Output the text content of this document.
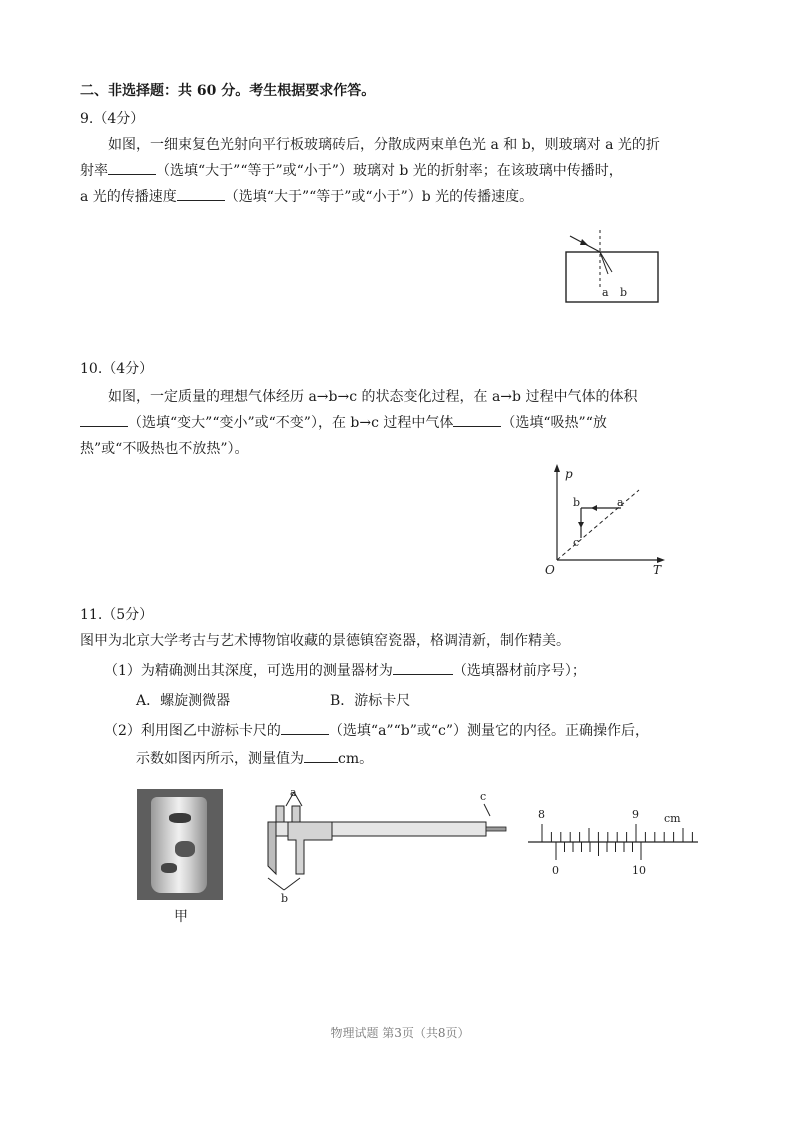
二、非选择题：共 60 分。考生根据要求作答。
9.（4分）
如图，一细束复色光射向平行板玻璃砖后，分散成两束单色光 a 和 b，则玻璃对 a 光的折
射率	（选填“大于”“等于”或“小于”）玻璃对 b 光的折射率；在该玻璃中传播时，
a 光的传播速度	（选填“大于”“等于”或“小于”）b 光的传播速度。
a b
10.（4分）
如图，一定质量的理想气体经历 a→b→c 的状态变化过程，在 a→b 过程中气体的体积
（选填“变大”“变小”或“不变”），在 b→c 过程中气体	（选填“吸热”“放
热”或“不吸热也不放热”）。
p
T
O
a
b
c
11.（5分）
图甲为北京大学考古与艺术博物馆收藏的景德镇窑瓷器，格调清新，制作精美。
（1）为精确测出其深度，可选用的测量器材为	（选填器材前序号）；
A．螺旋测微器	B．游标卡尺
（2）利用图乙中游标卡尺的	（选填“a”“b”或“c”）测量它的内径。正确操作后，
示数如图丙所示，测量值为 cm。
甲
a	c
b
8	9 cm
0	10
物理试题 第3页（共8页）
